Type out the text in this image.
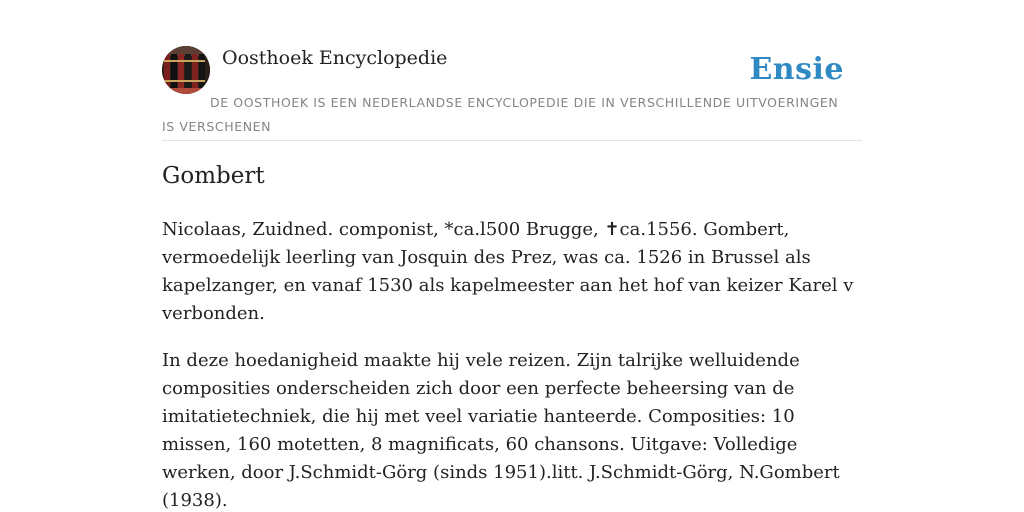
Oosthoek Encyclopedie	Ensie
DE OOSTHOEK IS EEN NEDERLANDSE ENCYCLOPEDIE DIE IN VERSCHILLENDE UITVOERINGEN IS VERSCHENEN
Gombert

Nicolaas, Zuidned. componist, *ca.l500 Brugge, ✝ca.1556. Gombert, vermoedelijk leerling van Josquin des Prez, was ca. 1526 in Brussel als kapelzanger, en vanaf 1530 als kapelmeester aan het hof van keizer Karel v verbonden.

In deze hoedanigheid maakte hij vele reizen. Zijn talrijke welluidende composities onderscheiden zich door een perfecte beheersing van de imitatietechniek, die hij met veel variatie hanteerde. Composities: 10 missen, 160 motetten, 8 magnificats, 60 chansons. Uitgave: Volledige werken, door J.Schmidt-Görg (sinds 1951).litt. J.Schmidt-Görg, N.Gombert (1938).
